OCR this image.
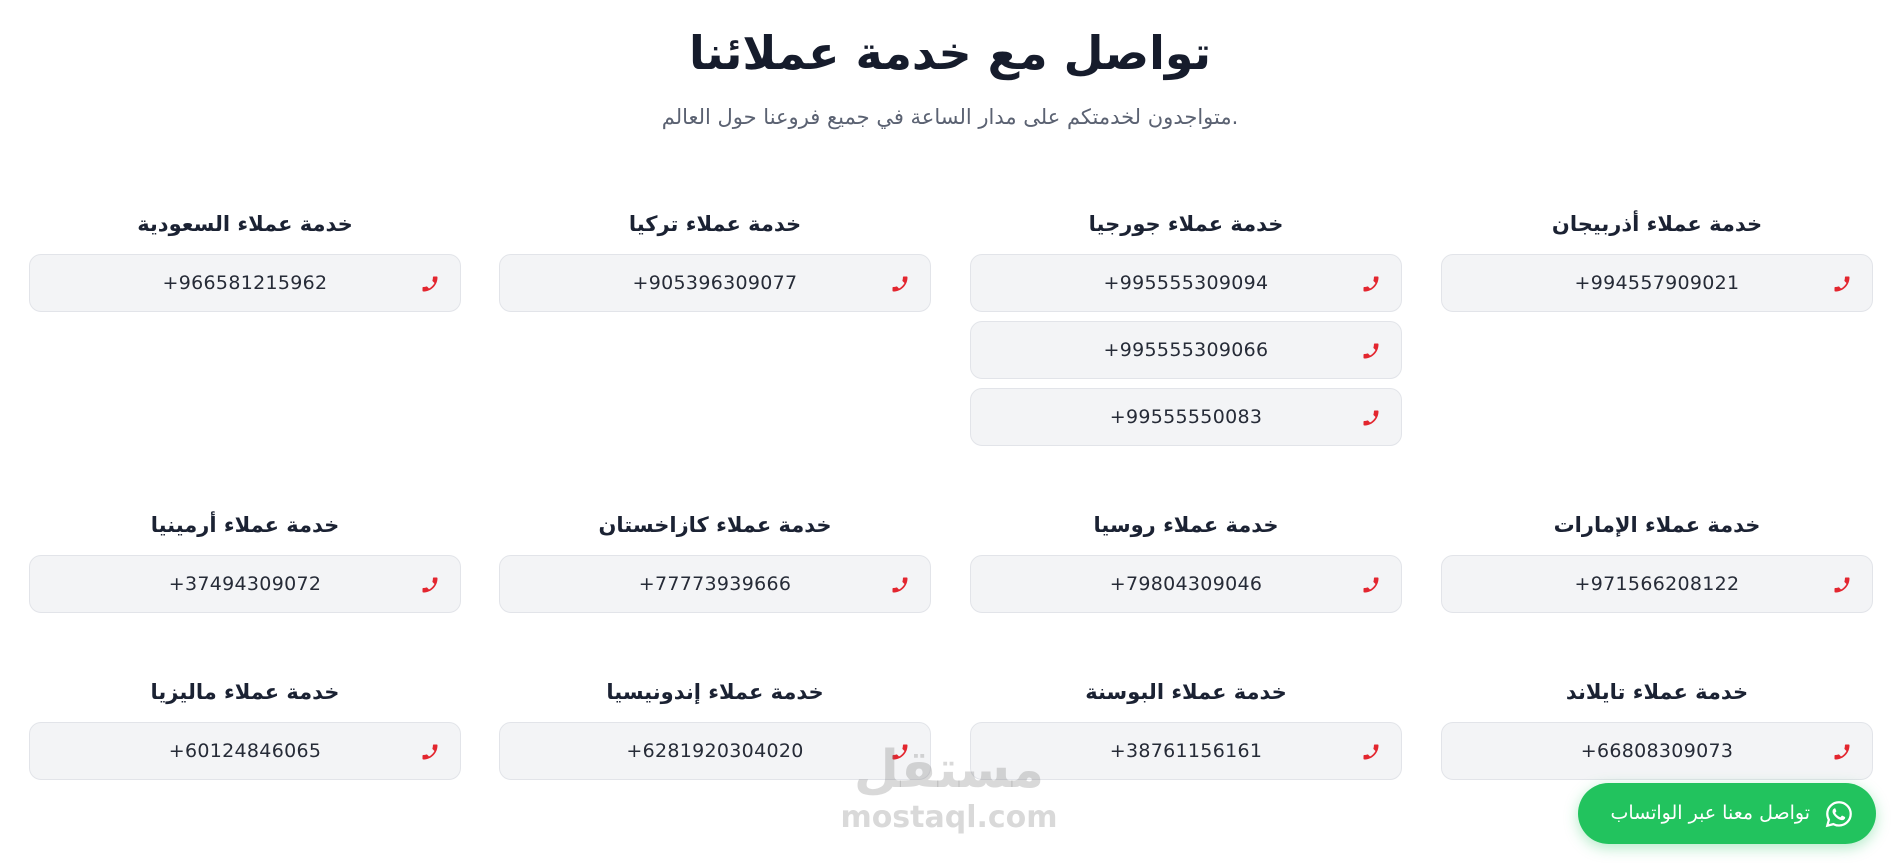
تواصل مع خدمة عملائنا

متواجدون لخدمتكم على مدار الساعة في جميع فروعنا حول العالم.

خدمة عملاء أذربيجان
+994557909021
خدمة عملاء جورجيا
+995555309094
+995555309066
+99555550083
خدمة عملاء تركيا
+905396309077
خدمة عملاء السعودية
+966581215962
خدمة عملاء الإمارات
+971566208122
خدمة عملاء روسيا
+79804309046
خدمة عملاء كازاخستان
+77773939666
خدمة عملاء أرمينيا
+37494309072
خدمة عملاء تايلاند
+66808309073
خدمة عملاء البوسنة
+38761156161
خدمة عملاء إندونيسيا
+6281920304020
خدمة عملاء ماليزيا
+60124846065	مستقل
mostaql.com	تواصل معنا عبر الواتساب
